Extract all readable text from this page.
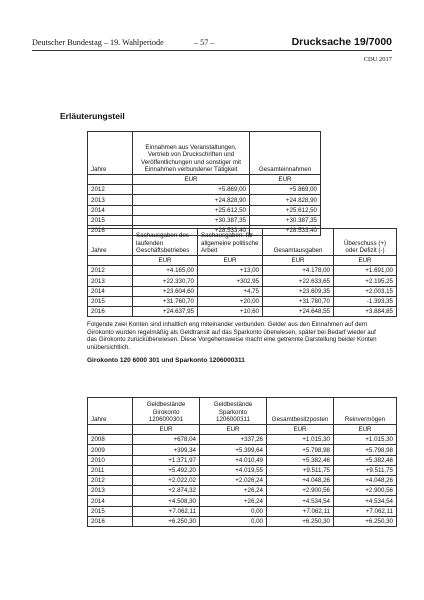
Deutscher Bundestag – 19. Wahlperiode	– 57 –	Drucksache 19/7000
CDU 2017
Erläuterungsteil
Jahre	Einnahmen aus Veranstaltungen, Vertrieb von Druckschriften und Veröffentlichungen und sonstiger mit Einnahmen verbundener Tätigkeit	Gesamteinnahmen
	EUR	EUR
2012	+5.869,00	+5.869,00
2013	+24.828,90	+24.828,90
2014	+25.612,50	+25.612,50
2015	+30.387,35	+30.387,35
2016	+28.533,40	+28.533,40
Jahre	Sachausgaben des laufenden Geschäftsbetriebes	Sachausgaben: für allgemeine politische Arbeit	Gesamtausgaben	Überschuss (+) oder Defizit (-)
	EUR	EUR	EUR	EUR
2012	+4.165,00	+13,00	+4.178,00	+1.691,00
2013	+22.330,70	+302,95	+22.633,65	+2.195,25
2014	+23.604,60	+4,75	+23.609,35	+2.003,15
2015	+31.760,70	+20,00	+31.780,70	-1.393,35
2016	+24.637,95	+10,60	+24.648,55	+3.884,85
Folgende zwei Konten sind inhaltlich eng miteinander verbunden. Gelder aus den Einnahmen auf dem Girokonto wurden regelmäßig als Geldtransit auf das Sparkonto überwiesen, später bei Bedarf wieder auf das Girokonto zurücküberwiesen. Diese Vorgehensweise macht eine getrennte Darstellung beider Konten unübersichtlich.
Girokonto 120 6000 301 und Sparkonto 1206000311
Jahre	Geldbestände Girokonto 1206000301	Geldbestände Sparkonto 1206000311	Gesamtbesitzposten	Reinvermögen
	EUR	EUR	EUR	EUR
2008	+678,04	+337,26	+1.015,30	+1.015,30
2009	+399,34	+5.399,64	+5.798,98	+5.798,98
2010	+1.371,97	+4.010,49	+5.382,46	+5.382,46
2011	+5.492,20	+4.019,55	+9.511,75	+9.511,75
2012	+2.022,02	+2.026,24	+4.048,26	+4.048,26
2013	+2.874,32	+26,24	+2.900,56	+2.900,56
2014	+4.508,30	+26,24	+4.534,54	+4.534,54
2015	+7.062,11	0,00	+7.062,11	+7.062,11
2016	+6.250,30	0,00	+6.250,30	+6.250,30
